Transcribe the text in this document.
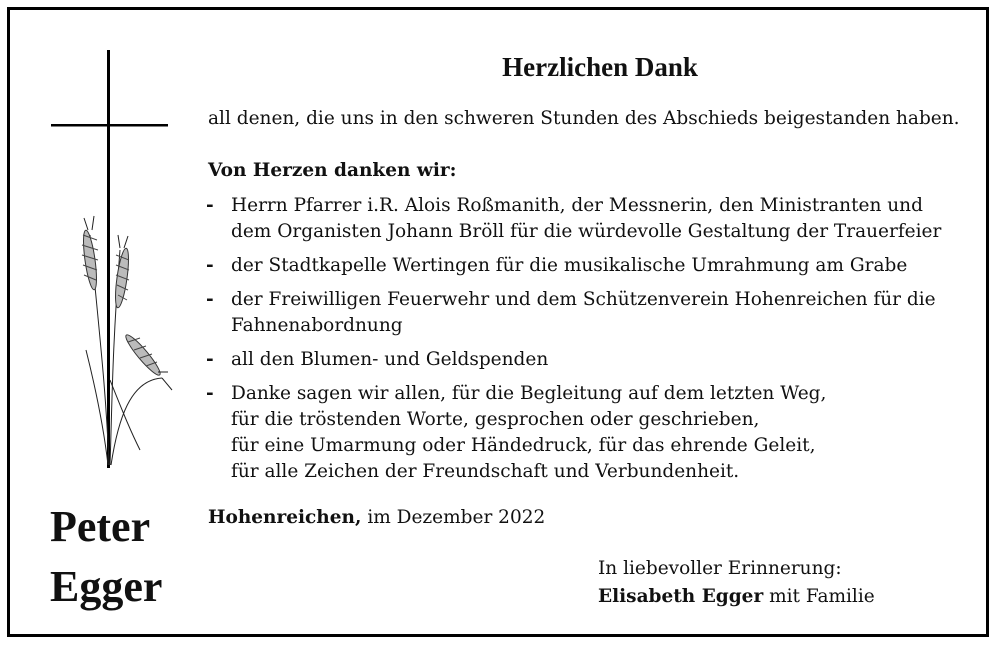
Peter
Egger
Herzlichen Dank
all denen, die uns in den schweren Stunden des Abschieds beigestanden haben.
Von Herzen danken wir:
- Herrn Pfarrer i.R. Alois Roßmanith, der Messnerin, den Ministranten und
dem Organisten Johann Bröll für die würdevolle Gestaltung der Trauerfeier
- der Stadtkapelle Wertingen für die musikalische Umrahmung am Grabe
- der Freiwilligen Feuerwehr und dem Schützenverein Hohenreichen für die
Fahnenabordnung
- all den Blumen- und Geldspenden
- Danke sagen wir allen, für die Begleitung auf dem letzten Weg,
für die tröstenden Worte, gesprochen oder geschrieben,
für eine Umarmung oder Händedruck, für das ehrende Geleit,
für alle Zeichen der Freundschaft und Verbundenheit.
Hohenreichen, im Dezember 2022
In liebevoller Erinnerung:
Elisabeth Egger mit Familie
